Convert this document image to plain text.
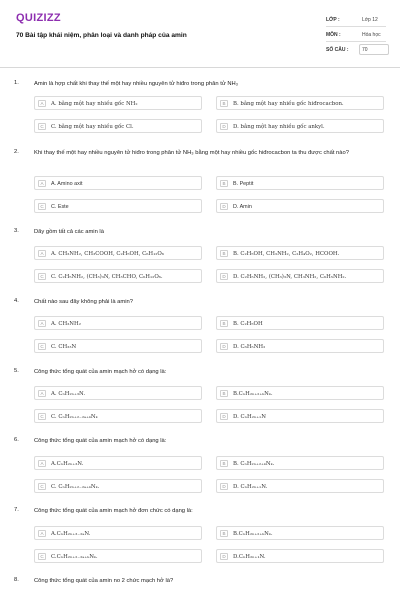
QUIZIZZ
70 Bài tập khái niệm, phân loại và danh pháp của amin
LỚP :	Lớp 12
MÔN :	Hóa học
SỐ CÂU :	70
1.	Amin là hợp chất khi thay thế một hay nhiều nguyên tử hiđro trong phân tử NH₃
A	A. bằng một hay nhiều gốc NH₂	B	B. bằng một hay nhiều gốc hiđrocacbon.
C	C. bằng một hay nhiều gốc Cl.	D	D. bằng một hay nhiều gốc ankyl.
2.	Khi thay thế một hay nhiều nguyên tử hiđro trong phân tử NH₃ bằng một hay nhiều gốc hiđrocacbon ta thu được chất nào?
A	A. Amino axit	B	B. Peptit
C	C. Este	D	D. Amin
3.	Dãy gồm tất cả các amin là
A	A. CH₃NH₂, CH₃COOH, C₂H₅OH, C₆H₁₂O₆	B	B. C₂H₅OH, CH₃NH₂, C₂H₄O₂, HCOOH.
C	C. C₂H₅NH₂, (CH₃)₃N, CH₃CHO, C₆H₁₂O₆.	D	D. C₂H₅NH₂, (CH₃)₃N, CH₃NH₂, C₆H₅NH₂.
4.	Chất nào sau đây không phải là amin?
A	A. CH₃NH₂	B	B. C₂H₅OH
C	C. CH₃₃N	D	D. C₆H₅NH₂
5.	Công thức tổng quát của amin mạch hở có dạng là:
A	A. CₙH₂ₙ₊₃N.	B	B.CₙH₂ₙ₊₂₊ₖNₖ.
C	C. CₙH₂ₙ₊₂₋₂ₐ₊ₖNₖ	D	D. CₙH₂ₙ₊₁N
6.	Công thức tổng quát của amin mạch hở có dạng là:
A	A.CₙH₂ₙ₊₃N.	B	B. CₙH₂ₙ₊₂₊ₖNₖ.
C	C. CₙH₂ₙ₊₂₋₂ₐ₊ₖNₖ.	D	D. CₙH₂ₙ₊₁N.
7.	Công thức tổng quát của amin mạch hở đơn chức có dạng là:
A	A.CₙH₂ₙ₊₃₋₂ₐN.	B	B.CₙH₂ₙ₊₂₊ₖNₖ.
C	C.CₙH₂ₙ₊₂₋₂ₐ₊ₖNₖ.	D	D.CₙH₂ₙ₊₁N.
8.	Công thức tổng quát của amin no 2 chức mạch hở là?
